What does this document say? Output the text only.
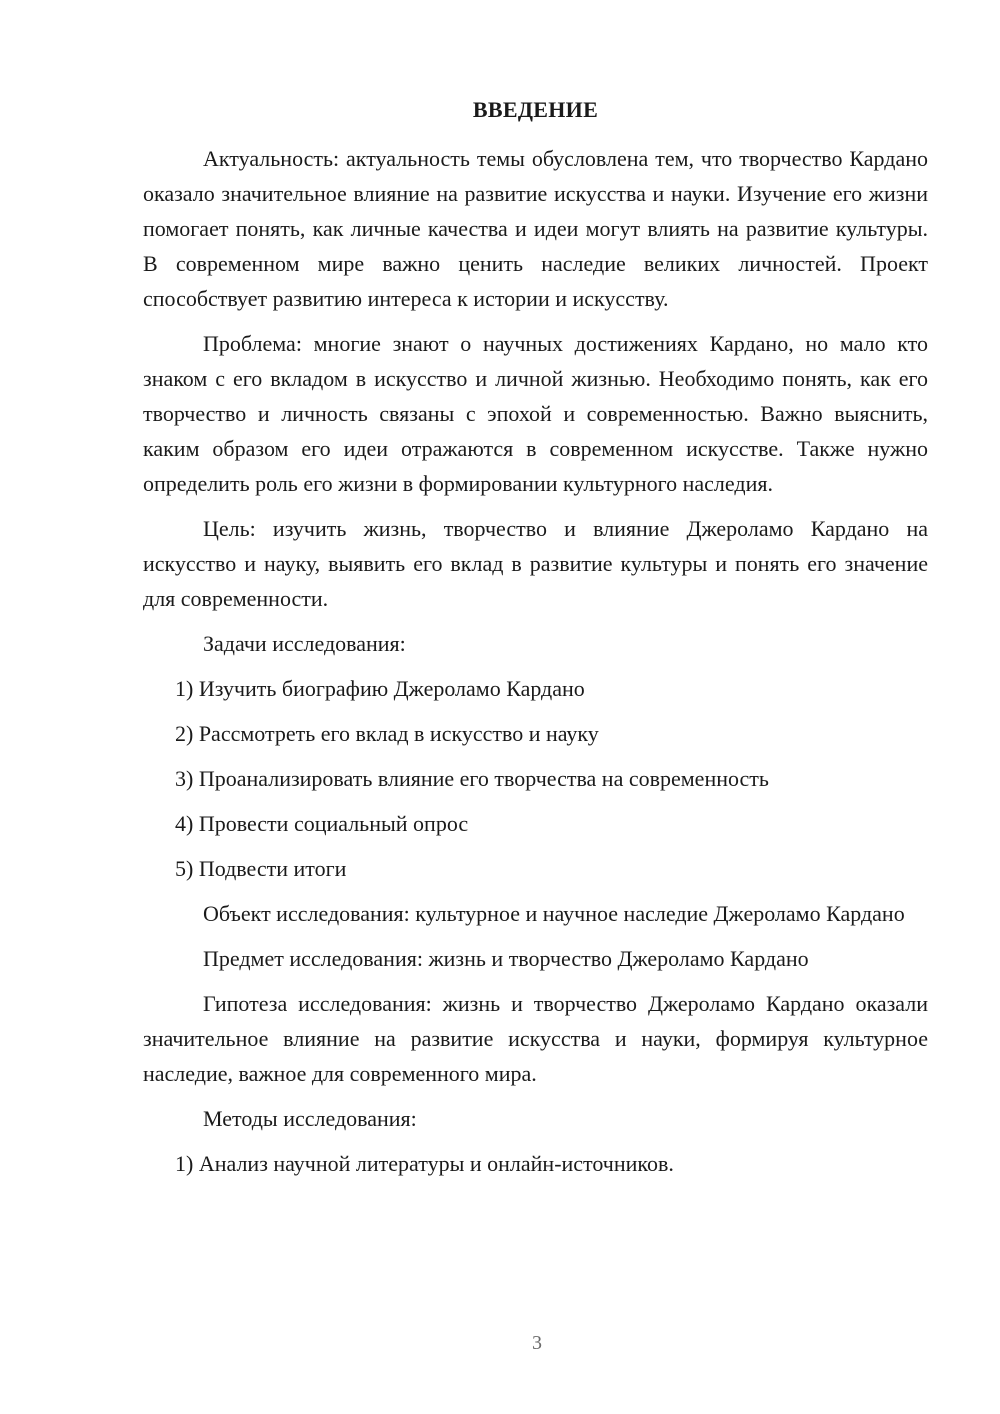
ВВЕДЕНИЕ

Актуальность: актуальность темы обусловлена тем, что творчество Кардано оказало значительное влияние на развитие искусства и науки. Изучение его жизни помогает понять, как личные качества и идеи могут влиять на развитие культуры. В современном мире важно ценить наследие великих личностей. Проект способствует развитию интереса к истории и искусству.

Проблема: многие знают о научных достижениях Кардано, но мало кто знаком с его вкладом в искусство и личной жизнью. Необходимо понять, как его творчество и личность связаны с эпохой и современностью. Важно выяснить, каким образом его идеи отражаются в современном искусстве. Также нужно определить роль его жизни в формировании культурного наследия.

Цель: изучить жизнь, творчество и влияние Джероламо Кардано на искусство и науку, выявить его вклад в развитие культуры и понять его значение для современности.

Задачи исследования:
1) Изучить биографию Джероламо Кардано
2) Рассмотреть его вклад в искусство и науку
3) Проанализировать влияние его творчества на современность
4) Провести социальный опрос
5) Подвести итоги

Объект исследования: культурное и научное наследие Джероламо Кардано

Предмет исследования: жизнь и творчество Джероламо Кардано

Гипотеза исследования: жизнь и творчество Джероламо Кардано оказали значительное влияние на развитие искусства и науки, формируя культурное наследие, важное для современного мира.

Методы исследования:
1) Анализ научной литературы и онлайн-источников.
3
